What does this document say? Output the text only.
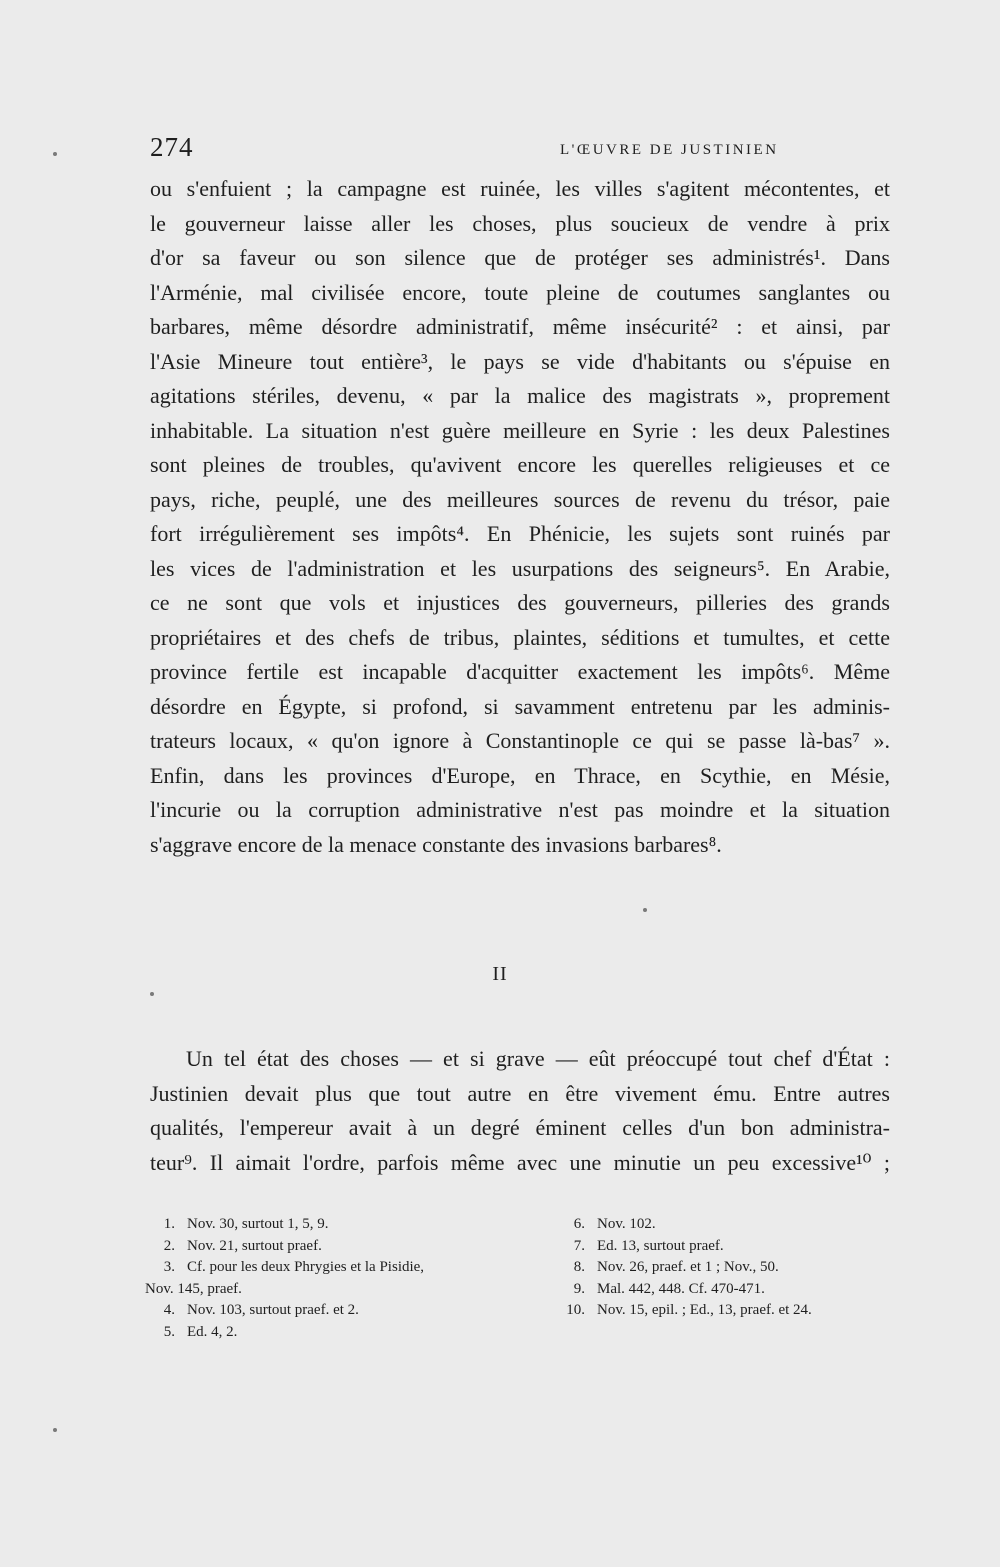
274	L'ŒUVRE DE JUSTINIEN
ou s'enfuient ; la campagne est ruinée, les villes s'agitent mécontentes, et
le gouverneur laisse aller les choses, plus soucieux de vendre à prix
d'or sa faveur ou son silence que de protéger ses administrés¹. Dans
l'Arménie, mal civilisée encore, toute pleine de coutumes sanglantes ou
barbares, même désordre administratif, même insécurité² : et ainsi, par
l'Asie Mineure tout entière³, le pays se vide d'habitants ou s'épuise en
agitations stériles, devenu, « par la malice des magistrats », proprement
inhabitable. La situation n'est guère meilleure en Syrie : les deux Palestines
sont pleines de troubles, qu'avivent encore les querelles religieuses et ce
pays, riche, peuplé, une des meilleures sources de revenu du trésor, paie
fort irrégulièrement ses impôts⁴. En Phénicie, les sujets sont ruinés par
les vices de l'administration et les usurpations des seigneurs⁵. En Arabie,
ce ne sont que vols et injustices des gouverneurs, pilleries des grands
propriétaires et des chefs de tribus, plaintes, séditions et tumultes, et cette
province fertile est incapable d'acquitter exactement les impôts⁶. Même
désordre en Égypte, si profond, si savamment entretenu par les adminis-
trateurs locaux, « qu'on ignore à Constantinople ce qui se passe là-bas⁷ ».
Enfin, dans les provinces d'Europe, en Thrace, en Scythie, en Mésie,
l'incurie ou la corruption administrative n'est pas moindre et la situation
s'aggrave encore de la menace constante des invasions barbares⁸.
II
Un tel état des choses — et si grave — eût préoccupé tout chef d'État :
Justinien devait plus que tout autre en être vivement ému. Entre autres
qualités, l'empereur avait à un degré éminent celles d'un bon administra-
teur⁹. Il aimait l'ordre, parfois même avec une minutie un peu excessive¹⁰ ;
1. Nov. 30, surtout 1, 5, 9.
2. Nov. 21, surtout praef.
3. Cf. pour les deux Phrygies et la Pisidie,
Nov. 145, praef.
4. Nov. 103, surtout praef. et 2.
5. Ed. 4, 2.
6. Nov. 102.
7. Ed. 13, surtout praef.
8. Nov. 26, praef. et 1 ; Nov., 50.
9. Mal. 442, 448. Cf. 470-471.
10. Nov. 15, epil. ; Ed., 13, praef. et 24.
